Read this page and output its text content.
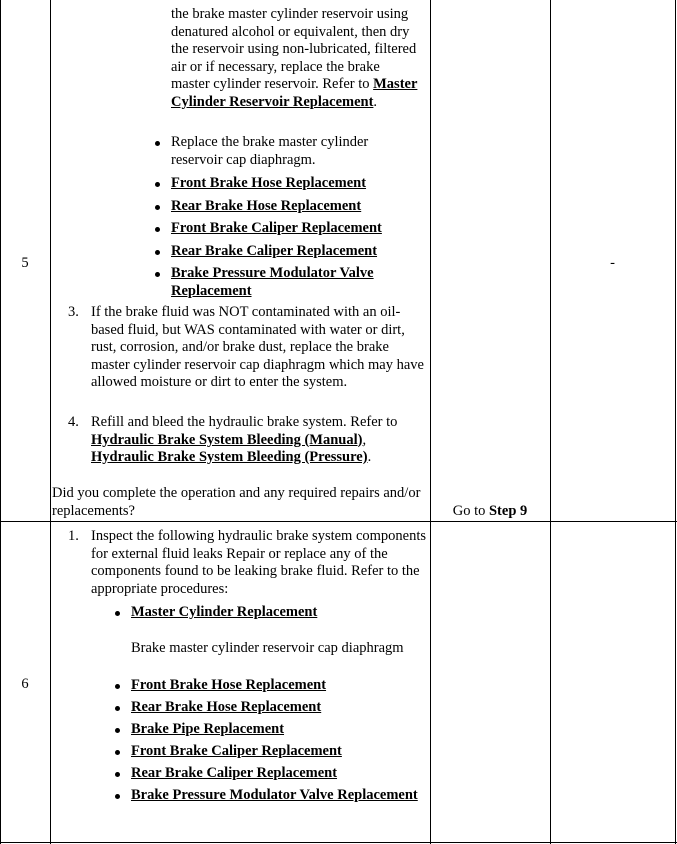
5
the brake master cylinder reservoir using denatured alcohol or equivalent, then dry the reservoir using non-lubricated, filtered air or if necessary, replace the brake master cylinder reservoir. Refer to Master Cylinder Reservoir Replacement.
Replace the brake master cylinder reservoir cap diaphragm.
Front Brake Hose Replacement
Rear Brake Hose Replacement
Front Brake Caliper Replacement
Rear Brake Caliper Replacement
Brake Pressure Modulator Valve Replacement
3. If the brake fluid was NOT contaminated with an oil-based fluid, but WAS contaminated with water or dirt, rust, corrosion, and/or brake dust, replace the brake master cylinder reservoir cap diaphragm which may have allowed moisture or dirt to enter the system.
4. Refill and bleed the hydraulic brake system. Refer to
Hydraulic Brake System Bleeding (Manual),
Hydraulic Brake System Bleeding (Pressure).
Did you complete the operation and any required repairs and/or replacements?	Go to Step 9
-
6
1. Inspect the following hydraulic brake system components for external fluid leaks Repair or replace any of the components found to be leaking brake fluid. Refer to the appropriate procedures:
Master Cylinder Replacement
Brake master cylinder reservoir cap diaphragm
Front Brake Hose Replacement
Rear Brake Hose Replacement
Brake Pipe Replacement
Front Brake Caliper Replacement
Rear Brake Caliper Replacement
Brake Pressure Modulator Valve Replacement
